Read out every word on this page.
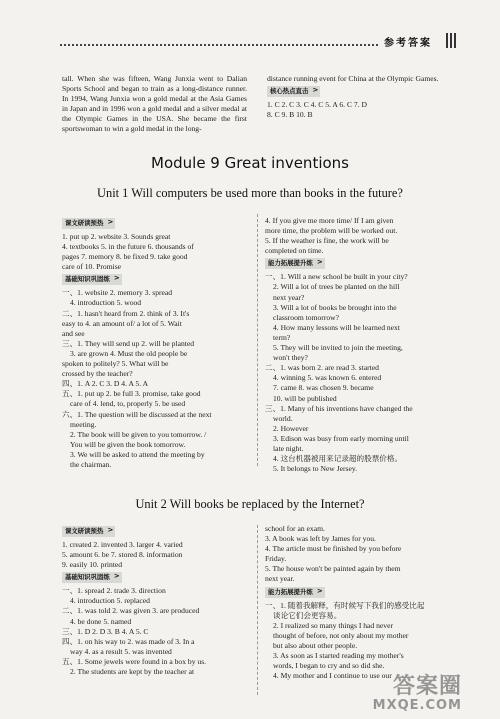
参考答案

tall. When she was fifteen, Wang Junxia went to Dalian Sports School and began to train as a long-distance runner. In 1994, Wang Junxia won a gold medal at the Asia Games in Japan and in 1996 won a gold medal and a silver medal at the Olympic Games in the USA. She became the first sportswoman to win a gold medal in the long-

distance running event for China at the Olympic Games.

核心热点直击 >

1. C 2. C 3. C 4. C 5. A 6. C 7. D

8. C 9. B 10. B

Module 9 Great inventions
Unit 1 Will computers be used more than books in the future?
课文研读预热 >

1. put up 2. website 3. Sounds great

4. textbooks 5. in the future 6. thousands of

pages 7. memory 8. be fixed 9. take good

care of 10. Promise

基础知识巩固练 >

一、1. website 2. memory 3. spread

4. introduction 5. wood

二、1. hasn't heard from 2. think of 3. It's

easy to 4. an amount of/ a lot of 5. Wait

and see

三、1. They will send up 2. will be planted

3. are grown 4. Must the old people be

spoken to politely? 5. What will be

crossed by the teacher?

四、1. A 2. C 3. D 4. A 5. A

五、1. put up 2. be full 3. promise, take good

care of 4. lend, to, properly 5. be used

六、1. The question will be discussed at the next

meeting.

2. The book will be given to you tomorrow. /

You will be given the book tomorrow.

3. We will be asked to attend the meeting by

the chairman.

4. If you give me more time/ If I am given

more time, the problem will be worked out.

5. If the weather is fine, the work will be

completed on time.

能力拓展提升练 >

一、1. Will a new school be built in your city?

2. Will a lot of trees be planted on the hill

next year?

3. Will a lot of books be brought into the

classroom tomorrow?

4. How many lessons will be learned next

term?

5. They will be invited to join the meeting,

won't they?

二、1. was born 2. are read 3. started

4. winning 5. was known 6. entered

7. came 8. was chosen 9. became

10. will be published

三、1. Many of his inventions have changed the

world.

2. However

3. Edison was busy from early morning until

late night.

4. 这台机器被用来记录超的股票价格。

5. It belongs to New Jersey.

Unit 2 Will books be replaced by the Internet?
课文研读预热 >

1. created 2. invented 3. larger 4. varied

5. amount 6. be 7. stored 8. information

9. easily 10. printed

基础知识巩固练 >

一、1. spread 2. trade 3. direction

4. introduction 5. replaced

二、1. was told 2. was given 3. are produced

4. be done 5. named

三、1. D 2. D 3. B 4. A 5. C

四、1. on his way to 2. was made of 3. In a

way 4. as a result 5. was invented

五、1. Some jewels were found in a box by us.

2. The students are kept by the teacher at

school for an exam.

3. A book was left by James for you.

4. The article must be finished by you before

Friday.

5. The house won't be painted again by them

next year.

能力拓展提升练 >

一、1. 随着我解释，有时候写下我们的感受比起

谈论它们会更容易。

2. I realized so many things I had never

thought of before, not only about my mother

but also about other people.

3. As soon as I started reading my mother's

words, I began to cry and so did she.

4. My mother and I continue to use our 答案圈
MXQE.COM
